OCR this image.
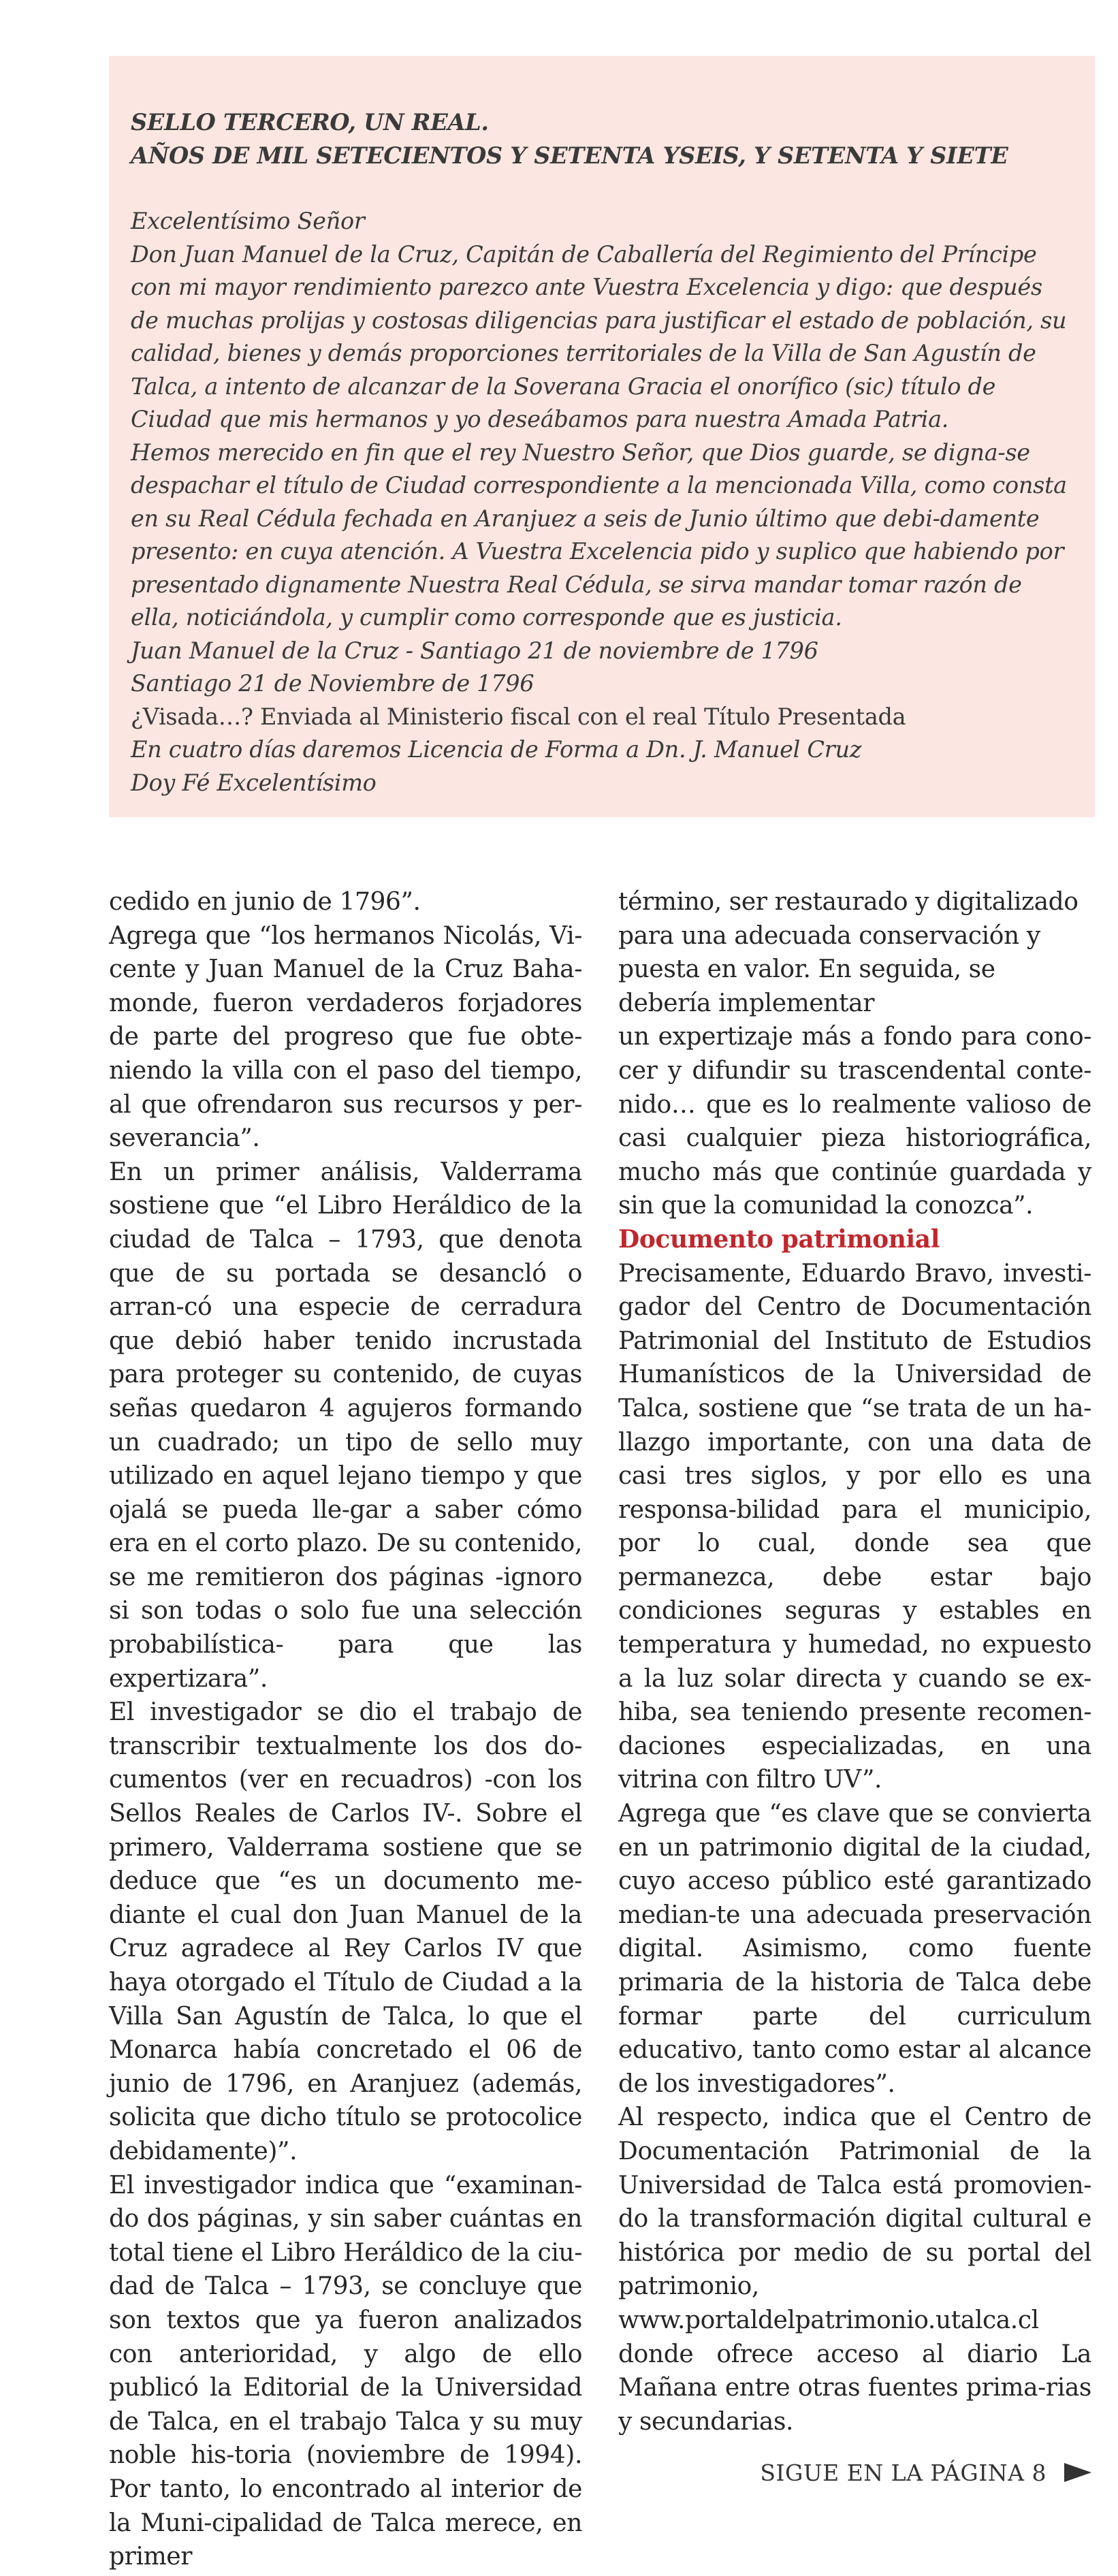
SELLO TERCERO, UN REAL.

AÑOS DE MIL SETECIENTOS Y SETENTA YSEIS, Y SETENTA Y SIETE

Excelentísimo Señor

Don Juan Manuel de la Cruz, Capitán de Caballería del Regimiento del Príncipe con mi mayor rendimiento parezco ante Vuestra Excelencia y digo: que después de muchas prolijas y costosas diligencias para justificar el estado de población, su calidad, bienes y demás proporciones territoriales de la Villa de San Agustín de Talca, a intento de alcanzar de la Soverana Gracia el onorífico (sic) título de Ciudad que mis hermanos y yo deseábamos para nuestra Amada Patria.

Hemos merecido en fin que el rey Nuestro Señor, que Dios guarde, se digna-se despachar el título de Ciudad correspondiente a la mencionada Villa, como consta en su Real Cédula fechada en Aranjuez a seis de Junio último que debi-damente presento: en cuya atención. A Vuestra Excelencia pido y suplico que habiendo por presentado dignamente Nuestra Real Cédula, se sirva mandar tomar razón de ella, noticiándola, y cumplir como corresponde que es justicia.

Juan Manuel de la Cruz - Santiago 21 de noviembre de 1796

Santiago 21 de Noviembre de 1796

¿Visada…? Enviada al Ministerio fiscal con el real Título Presentada

En cuatro días daremos Licencia de Forma a Dn. J. Manuel Cruz

Doy Fé Excelentísimo

cedido en junio de 1796”.

Agrega que “los hermanos Nicolás, Vi-cente y Juan Manuel de la Cruz Baha-monde, fueron verdaderos forjadores de parte del progreso que fue obte-niendo la villa con el paso del tiempo, al que ofrendaron sus recursos y per-severancia”.

En un primer análisis, Valderrama sostiene que “el Libro Heráldico de la ciudad de Talca – 1793, que denota que de su portada se desancló o arran-có una especie de cerradura que debió haber tenido incrustada para proteger su contenido, de cuyas señas quedaron 4 agujeros formando un cuadrado; un tipo de sello muy utilizado en aquel lejano tiempo y que ojalá se pueda lle-gar a saber cómo era en el corto plazo. De su contenido, se me remitieron dos páginas -ignoro si son todas o solo fue una selección probabilística- para que las expertizara”.

El investigador se dio el trabajo de transcribir textualmente los dos do-cumentos (ver en recuadros) -con los Sellos Reales de Carlos IV-. Sobre el primero, Valderrama sostiene que se deduce que “es un documento me-diante el cual don Juan Manuel de la Cruz agradece al Rey Carlos IV que haya otorgado el Título de Ciudad a la Villa San Agustín de Talca, lo que el Monarca había concretado el 06 de junio de 1796, en Aranjuez (además, solicita que dicho título se protocolice debidamente)”.

El investigador indica que “examinan-do dos páginas, y sin saber cuántas en total tiene el Libro Heráldico de la ciu-dad de Talca – 1793, se concluye que son textos que ya fueron analizados con anterioridad, y algo de ello publicó la Editorial de la Universidad de Talca, en el trabajo Talca y su muy noble his-toria (noviembre de 1994). Por tanto, lo encontrado al interior de la Muni-cipalidad de Talca merece, en primer

término, ser restaurado y digitalizado para una adecuada conservación y puesta en valor. En seguida, se debería implementar

un expertizaje más a fondo para cono-cer y difundir su trascendental conte-nido… que es lo realmente valioso de casi cualquier pieza historiográfica, mucho más que continúe guardada y sin que la comunidad la conozca”.

Documento patrimonial

Precisamente, Eduardo Bravo, investi-gador del Centro de Documentación Patrimonial del Instituto de Estudios Humanísticos de la Universidad de Talca, sostiene que “se trata de un ha-llazgo importante, con una data de casi tres siglos, y por ello es una responsa-bilidad para el municipio, por lo cual, donde sea que permanezca, debe estar bajo condiciones seguras y estables en temperatura y humedad, no expuesto a la luz solar directa y cuando se ex-hiba, sea teniendo presente recomen-daciones especializadas, en una vitrina con filtro UV”.

Agrega que “es clave que se convierta en un patrimonio digital de la ciudad, cuyo acceso público esté garantizado median-te una adecuada preservación digital. Asimismo, como fuente primaria de la historia de Talca debe formar parte del curriculum educativo, tanto como estar al alcance de los investigadores”.

Al respecto, indica que el Centro de Documentación Patrimonial de la Universidad de Talca está promovien-do la transformación digital cultural e histórica por medio de su portal del patrimonio, www.portaldelpatrimonio.utalca.cl donde ofrece acceso al diario La Mañana entre otras fuentes prima-rias y secundarias.

SIGUE EN LA PÁGINA 8
